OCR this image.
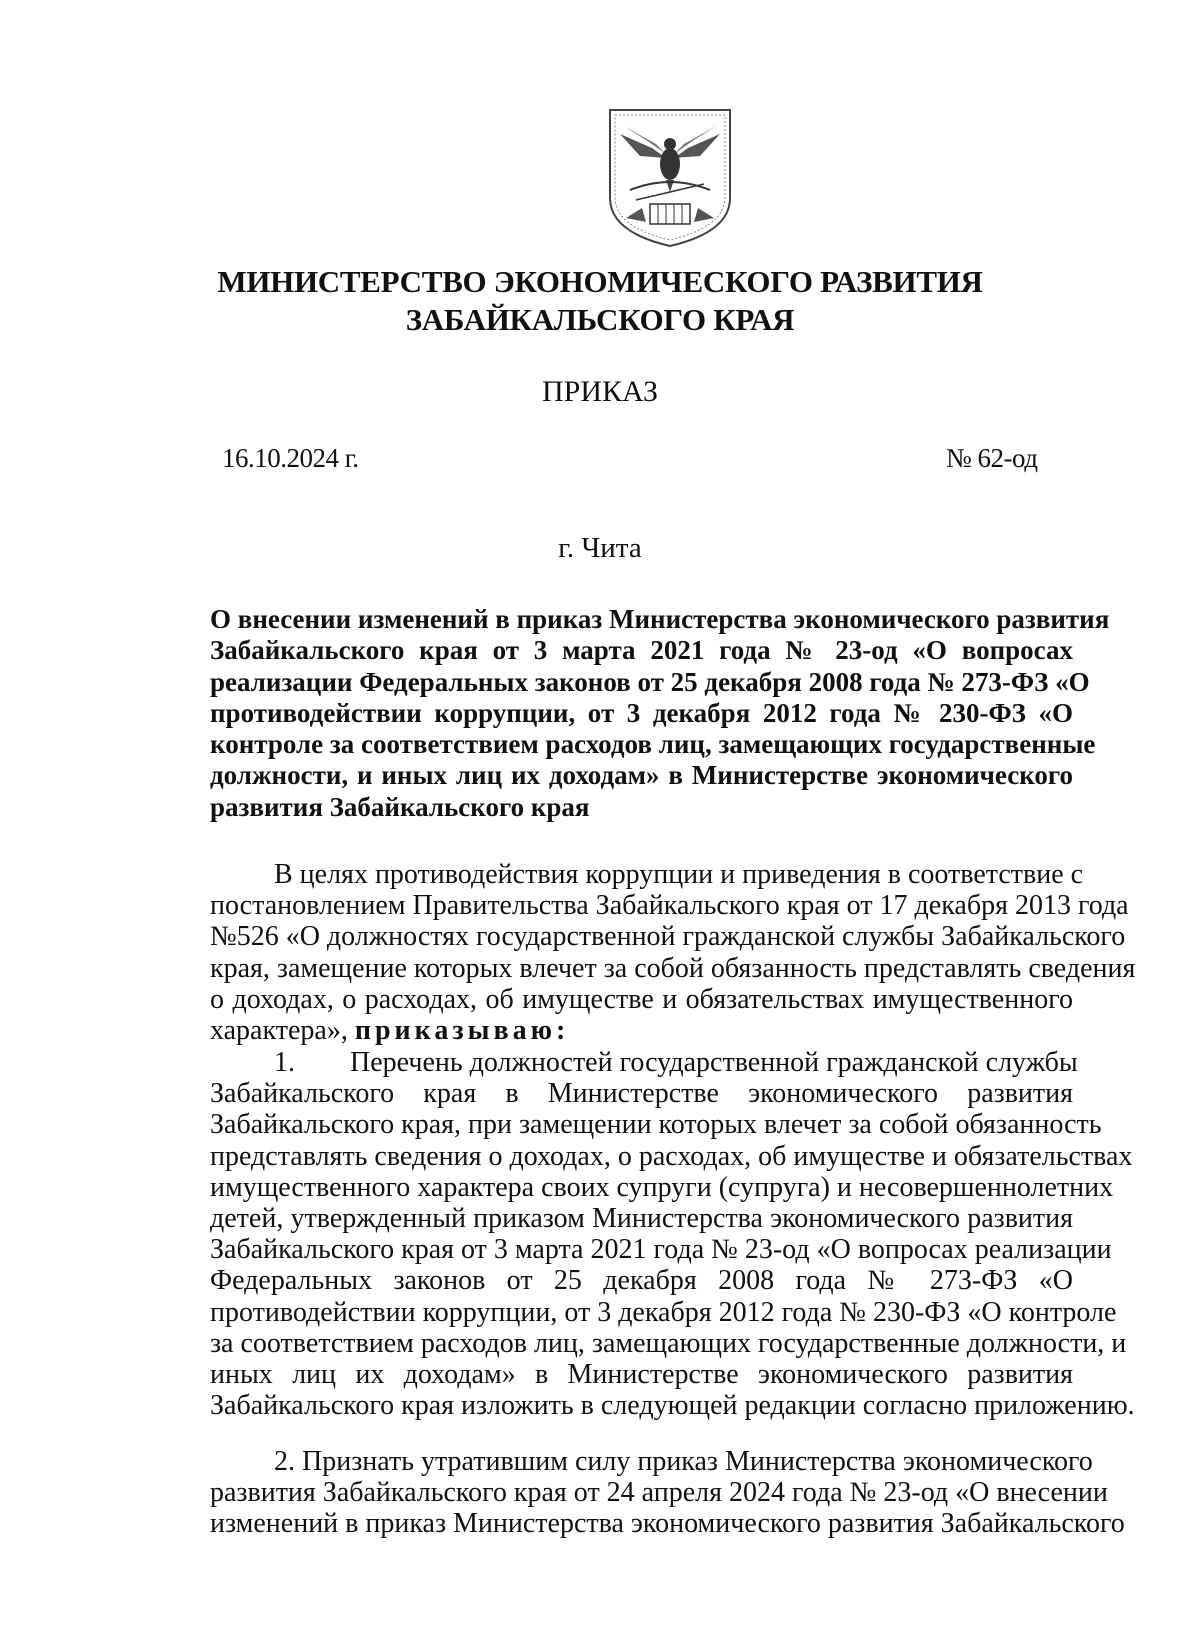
МИНИСТЕРСТВО ЭКОНОМИЧЕСКОГО РАЗВИТИЯ
ЗАБАЙКАЛЬСКОГО КРАЯ
ПРИКАЗ
16.10.2024 г.	№ 62-од
г. Чита

О внесении изменений в приказ Министерства экономического развития
Забайкальского края от 3 марта 2021 года № 23-од «О вопросах
реализации Федеральных законов от 25 декабря 2008 года № 273-ФЗ «О
противодействии коррупции, от 3 декабря 2012 года № 230-ФЗ «О
контроле за соответствием расходов лиц, замещающих государственные
должности, и иных лиц их доходам» в Министерстве экономического
развития Забайкальского края

В целях противодействия коррупции и приведения в соответствие с
постановлением Правительства Забайкальского края от 17 декабря 2013 года
№526 «О должностях государственной гражданской службы Забайкальского
края, замещение которых влечет за собой обязанность представлять сведения
о доходах, о расходах, об имуществе и обязательствах имущественного
характера», приказываю:

1. Перечень должностей государственной гражданской службы
Забайкальского края в Министерстве экономического развития
Забайкальского края, при замещении которых влечет за собой обязанность
представлять сведения о доходах, о расходах, об имуществе и обязательствах
имущественного характера своих супруги (супруга) и несовершеннолетних
детей, утвержденный приказом Министерства экономического развития
Забайкальского края от 3 марта 2021 года № 23-од «О вопросах реализации
Федеральных законов от 25 декабря 2008 года № 273-ФЗ «О
противодействии коррупции, от 3 декабря 2012 года № 230-ФЗ «О контроле
за соответствием расходов лиц, замещающих государственные должности, и
иных лиц их доходам» в Министерстве экономического развития
Забайкальского края изложить в следующей редакции согласно приложению.

2. Признать утратившим силу приказ Министерства экономического
развития Забайкальского края от 24 апреля 2024 года № 23-од «О внесении
изменений в приказ Министерства экономического развития Забайкальского
